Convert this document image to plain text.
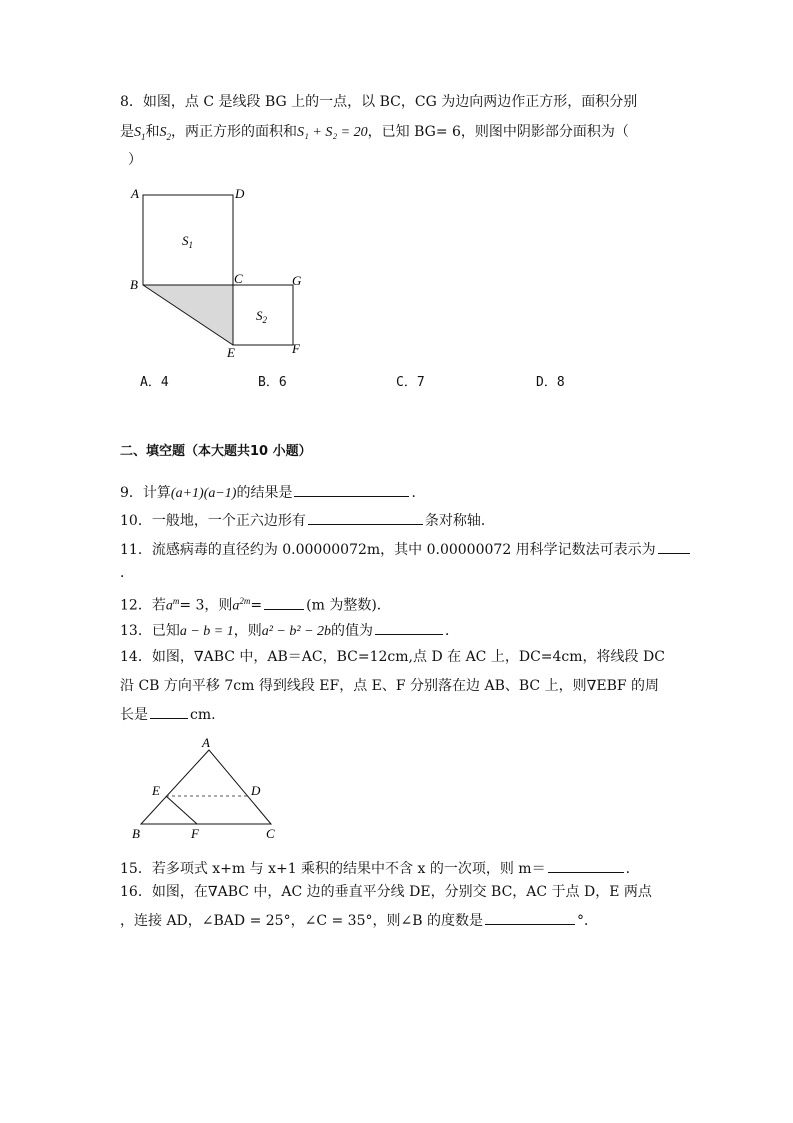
8．如图，点 C 是线段 BG 上的一点，以 BC，CG 为边向两边作正方形，面积分别
是$S_1$和$S_2$，两正方形的面积和S₁ + S₂ = 20，已知 BG= 6，则图中阴影部分面积为（
）
A	D
B	C	G
E	F
$S_1$
$S_2$
A．4	B．6	C．7	D．8
二、填空题（本大题共10 小题）
9．计算(a+1)(a−1)的结果是	.
10．一般地，一个正六边形有	条对称轴．
11．流感病毒的直径约为 0.00000072m，其中 0.00000072 用科学记数法可表示为
．
12．若$a^m= 3$，则$a^{2m}=$	(m 为整数)．
13．已知a − b = 1，则a² − b² − 2b的值为	．
14．如图，∇ABC 中，AB＝AC，BC=12cm,点 D 在 AC 上，DC=4cm，将线段 DC
沿 CB 方向平移 7cm 得到线段 EF，点 E、F 分别落在边 AB、BC 上，则∇EBF 的周
长是	cm.
A
E	D
B	F	C
15．若多项式 x+m 与 x+1 乘积的结果中不含 x 的一次项，则 m＝	.
16．如图，在∇ABC 中，AC 边的垂直平分线 DE，分别交 BC，AC 于点 D，E 两点
，连接 AD，∠BAD = 25°，∠C = 35°，则∠B 的度数是	°．
